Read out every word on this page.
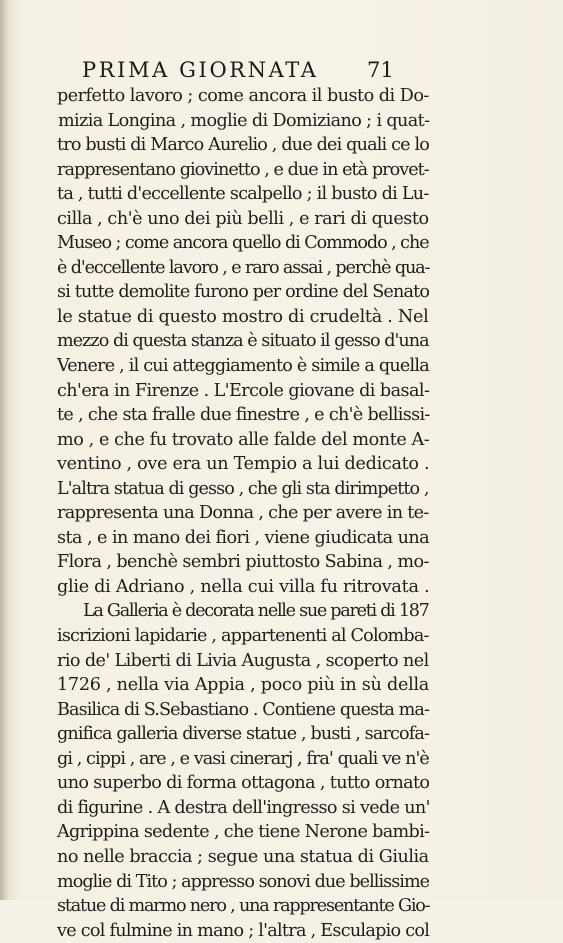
PRIMA GIORNATA 71
perfetto lavoro ; come ancora il busto di Do-
mizia Longina , moglie di Domiziano ; i quat-
tro busti di Marco Aurelio , due dei quali ce lo
rappresentano giovinetto , e due in età provet-
ta , tutti d'eccellente scalpello ; il busto di Lu-
cilla , ch'è uno dei più belli , e rari di questo
Museo ; come ancora quello di Commodo , che
è d'eccellente lavoro , e raro assai , perchè qua-
si tutte demolite furono per ordine del Senato
le statue di questo mostro di crudeltà . Nel
mezzo di questa stanza è situato il gesso d'una
Venere , il cui atteggiamento è simile a quella
ch'era in Firenze . L'Ercole giovane di basal-
te , che sta fralle due finestre , e ch'è bellissi-
mo , e che fu trovato alle falde del monte A-
ventino , ove era un Tempio a lui dedicato .
L'altra statua di gesso , che gli sta dirimpetto ,
rappresenta una Donna , che per avere in te-
sta , e in mano dei fiori , viene giudicata una
Flora , benchè sembri piuttosto Sabina , mo-
glie di Adriano , nella cui villa fu ritrovata .
La Galleria è decorata nelle sue pareti di 187
iscrizioni lapidarie , appartenenti al Colomba-
rio de' Liberti di Livia Augusta , scoperto nel
1726 , nella via Appia , poco più in sù della
Basilica di S.Sebastiano . Contiene questa ma-
gnifica galleria diverse statue , busti , sarcofa-
gi , cippi , are , e vasi cinerarj , fra' quali ve n'è
uno superbo di forma ottagona , tutto ornato
di figurine . A destra dell'ingresso si vede un'
Agrippina sedente , che tiene Nerone bambi-
no nelle braccia ; segue una statua di Giulia
moglie di Tito ; appresso sonovi due bellissime
statue di marmo nero , una rappresentante Gio-
ve col fulmine in mano ; l'altra , Esculapio col
